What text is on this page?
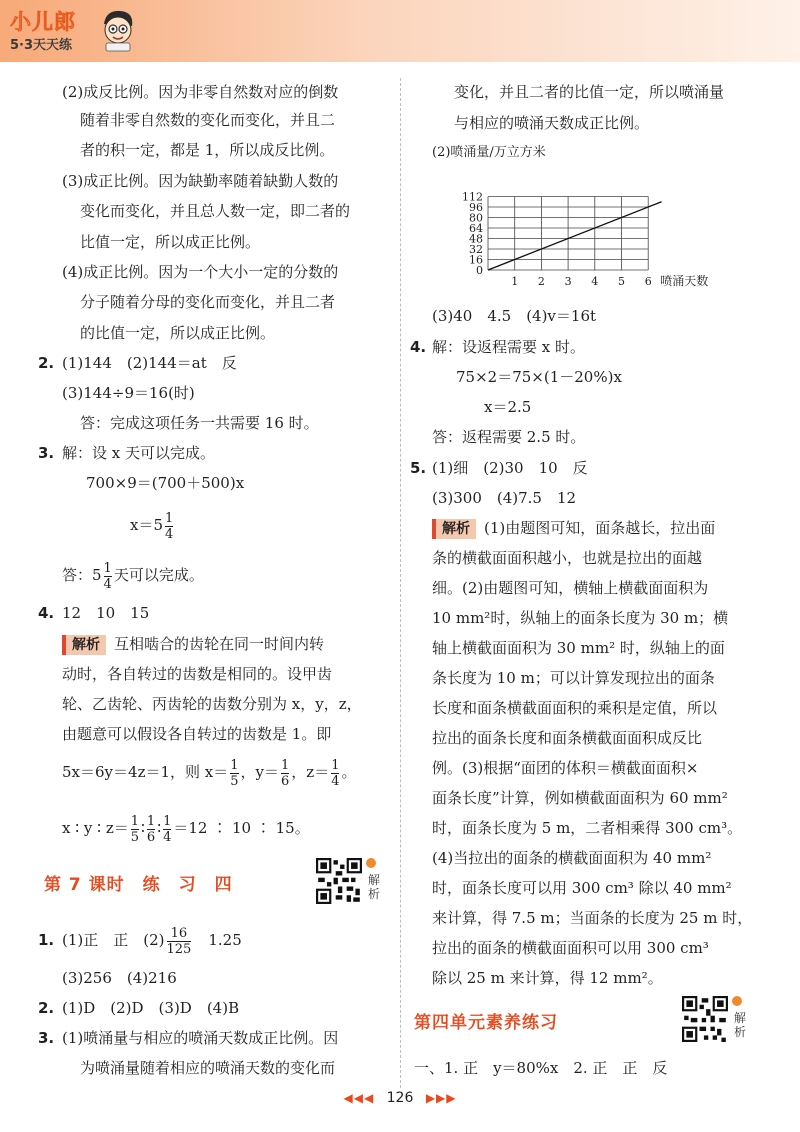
小儿郎
5·3天天练
(2)成反比例。因为非零自然数对应的倒数
随着非零自然数的变化而变化，并且二
者的积一定，都是 1，所以成反比例。
(3)成正比例。因为缺勤率随着缺勤人数的
变化而变化，并且总人数一定，即二者的
比值一定，所以成正比例。
(4)成正比例。因为一个大小一定的分数的
分子随着分母的变化而变化，并且二者
的比值一定，所以成正比例。
2. (1)144　(2)144＝at　反
(3)144÷9＝16(时)
答：完成这项任务一共需要 16 时。
3. 解：设 x 天可以完成。
700×9＝(700＋500)x
$x=5 \frac{1}{4}$
答：$5 \frac{1}{4}$ 天可以完成。
4. 12　10　15
解析 互相啮合的齿轮在同一时间内转
动时，各自转过的齿数是相同的。设甲齿
轮、乙齿轮、丙齿轮的齿数分别为 x，y，z，
由题意可以假设各自转过的齿数是 1。即
5x＝6y＝4z＝1，则 $x= \frac{1}{5}$ ，$y= \frac{1}{6}$ ，$z= \frac{1}{4}$ 。
x ∶ y ∶ $z= \frac{1}{5}$ ∶ $\frac{1}{6}$ ∶ $\frac{1}{4} =12$ ∶ 10 ∶ 15。
第 7 课时　练　习　四	解析
1. (1)正　正　$(2) \frac{16}{125}$
　 1.25
(3)256　(4)216
2. (1)D　(2)D　(3)D　(4)B
3. (1)喷涌量与相应的喷涌天数成正比例。因
为喷涌量随着相应的喷涌天数的变化而
变化，并且二者的比值一定，所以喷涌量
与相应的喷涌天数成正比例。
(2)喷涌量/万立方米
0
16
32
48
64
80
96
112
1 2 3 4 5 6 喷涌天数
(3)40　4.5　(4)v＝16t
4. 解：设返程需要 x 时。
75×2＝75×(1－20%)x
x＝2.5
答：返程需要 2.5 时。
5. (1)细　(2)30　10　反
(3)300　(4)7.5　12
解析 (1)由题图可知，面条越长，拉出面
条的横截面面积越小，也就是拉出的面越
细。(2)由题图可知，横轴上横截面面积为
10 mm²时，纵轴上的面条长度为 30 m；横
轴上横截面面积为 30 mm² 时，纵轴上的面
条长度为 10 m；可以计算发现拉出的面条
长度和面条横截面面积的乘积是定值，所以
拉出的面条长度和面条横截面面积成反比
例。(3)根据“面团的体积＝横截面面积×
面条长度”计算，例如横截面面积为 60 mm²
时，面条长度为 5 m，二者相乘得 300 cm³。
(4)当拉出的面条的横截面面积为 40 mm²
时，面条长度可以用 300 cm³ 除以 40 mm²
来计算，得 7.5 m；当面条的长度为 25 m 时，
拉出的面条的横截面面积可以用 300 cm³
除以 25 m 来计算，得 12 mm²。
第四单元素养练习	解析
一、1. 正　y＝80%x　2. 正　正　反
◀◀◀ 126 ▶▶▶
